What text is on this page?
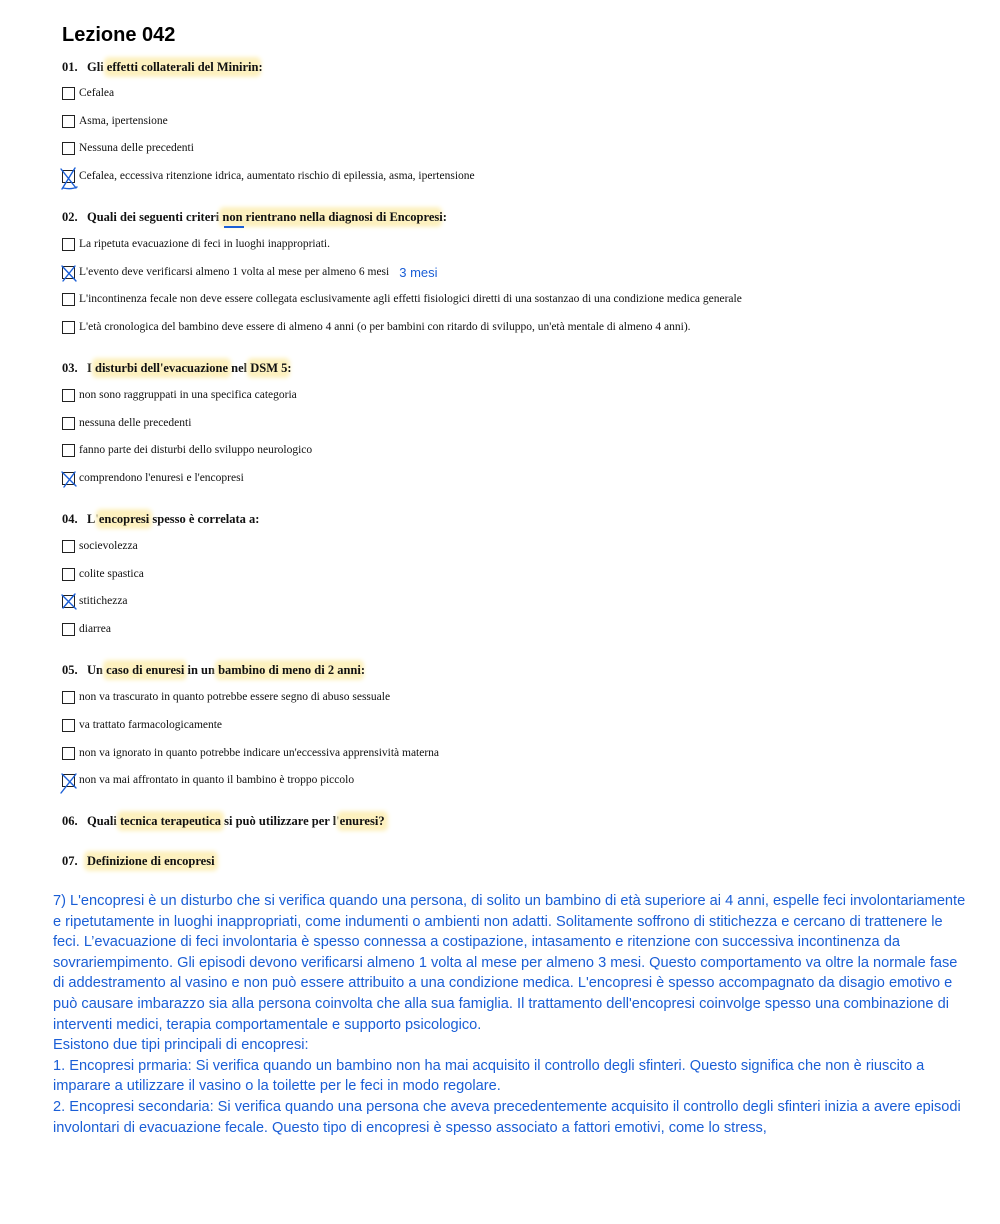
Lezione 042
01. Gli effetti collaterali del Minirin:
Cefalea
Asma, ipertensione
Nessuna delle precedenti
Cefalea, eccessiva ritenzione idrica, aumentato rischio di epilessia, asma, ipertensione
02. Quali dei seguenti criteri non rientrano nella diagnosi di Encopresi:
La ripetuta evacuazione di feci in luoghi inappropriati.
L'evento deve verificarsi almeno 1 volta al mese per almeno 6 mesi 3 mesi
L'incontinenza fecale non deve essere collegata esclusivamente agli effetti fisiologici diretti di una sostanzao di una condizione medica generale
L'età cronologica del bambino deve essere di almeno 4 anni (o per bambini con ritardo di sviluppo, un'età mentale di almeno 4 anni).
03. I disturbi dell'evacuazione nel DSM 5:
non sono raggruppati in una specifica categoria
nessuna delle precedenti
fanno parte dei disturbi dello sviluppo neurologico
comprendono l'enuresi e l'encopresi
04. L'encopresi spesso è correlata a:
socievolezza
colite spastica
stitichezza
diarrea
05. Un caso di enuresi in un bambino di meno di 2 anni:
non va trascurato in quanto potrebbe essere segno di abuso sessuale
va trattato farmacologicamente
non va ignorato in quanto potrebbe indicare un'eccessiva apprensività materna
non va mai affrontato in quanto il bambino è troppo piccolo
06. Quali tecnica terapeutica si può utilizzare per l'enuresi?
07. Definizione di encopresi

7) L'encopresi è un disturbo che si verifica quando una persona, di solito un bambino di età superiore ai 4 anni, espelle feci involontariamente e ripetutamente in luoghi inappropriati, come indumenti o ambienti non adatti. Solitamente soffrono di stitichezza e cercano di trattenere le feci. L’evacuazione di feci involontaria è spesso connessa a costipazione, intasamento e ritenzione con successiva incontinenza da sovrariempimento. Gli episodi devono verificarsi almeno 1 volta al mese per almeno 3 mesi. Questo comportamento va oltre la normale fase di addestramento al vasino e non può essere attribuito a una condizione medica. L'encopresi è spesso accompagnato da disagio emotivo e può causare imbarazzo sia alla persona coinvolta che alla sua famiglia. Il trattamento dell'encopresi coinvolge spesso una combinazione di interventi medici, terapia comportamentale e supporto psicologico.

Esistono due tipi principali di encopresi:

1. Encopresi prmaria: Si verifica quando un bambino non ha mai acquisito il controllo degli sfinteri. Questo significa che non è riuscito a imparare a utilizzare il vasino o la toilette per le feci in modo regolare.

2. Encopresi secondaria: Si verifica quando una persona che aveva precedentemente acquisito il controllo degli sfinteri inizia a avere episodi involontari di evacuazione fecale. Questo tipo di encopresi è spesso associato a fattori emotivi, come lo stress,
